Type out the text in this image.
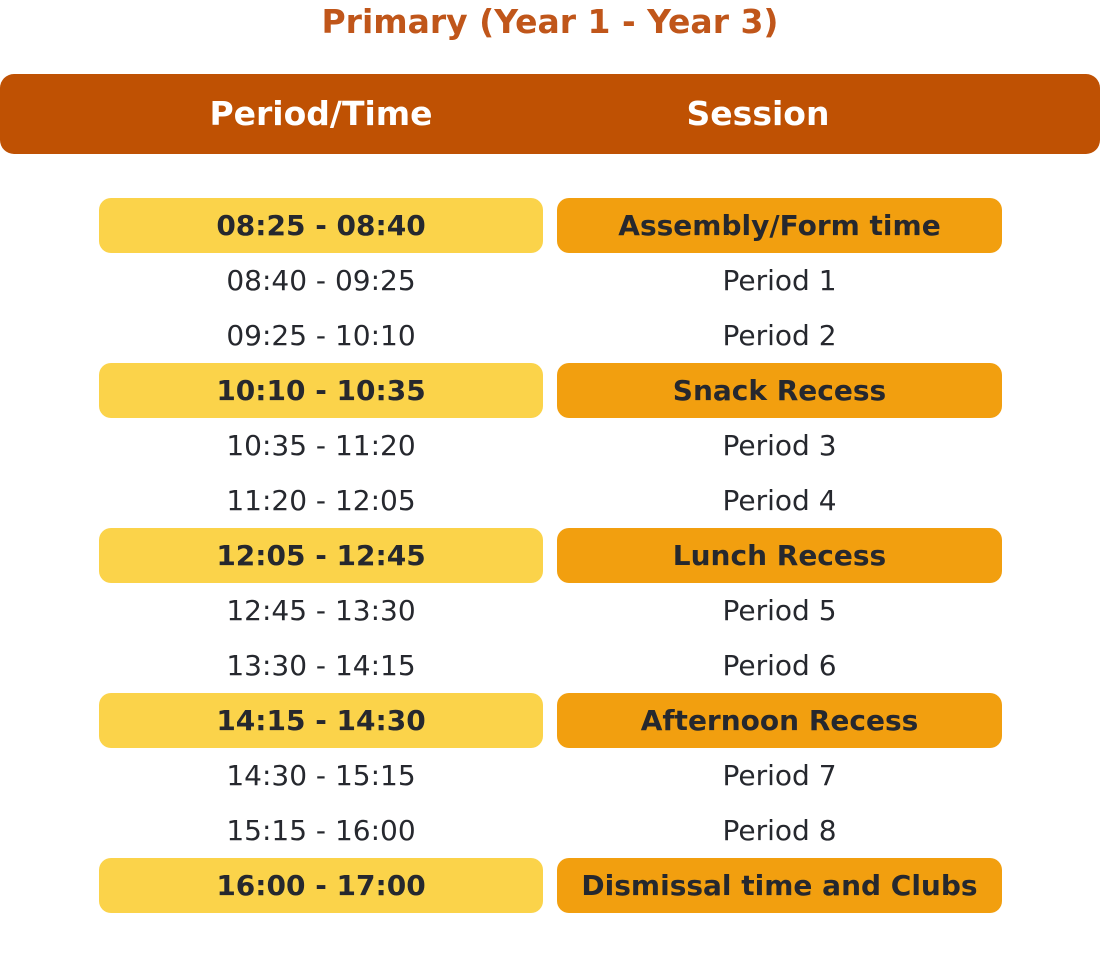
Primary (Year 1 - Year 3)
Period/Time	Session
08:25 - 08:40	Assembly/Form time
08:40 - 09:25	Period 1
09:25 - 10:10	Period 2
10:10 - 10:35	Snack Recess
10:35 - 11:20	Period 3
11:20 - 12:05	Period 4
12:05 - 12:45	Lunch Recess
12:45 - 13:30	Period 5
13:30 - 14:15	Period 6
14:15 - 14:30	Afternoon Recess
14:30 - 15:15	Period 7
15:15 - 16:00	Period 8
16:00 - 17:00	Dismissal time and Clubs
